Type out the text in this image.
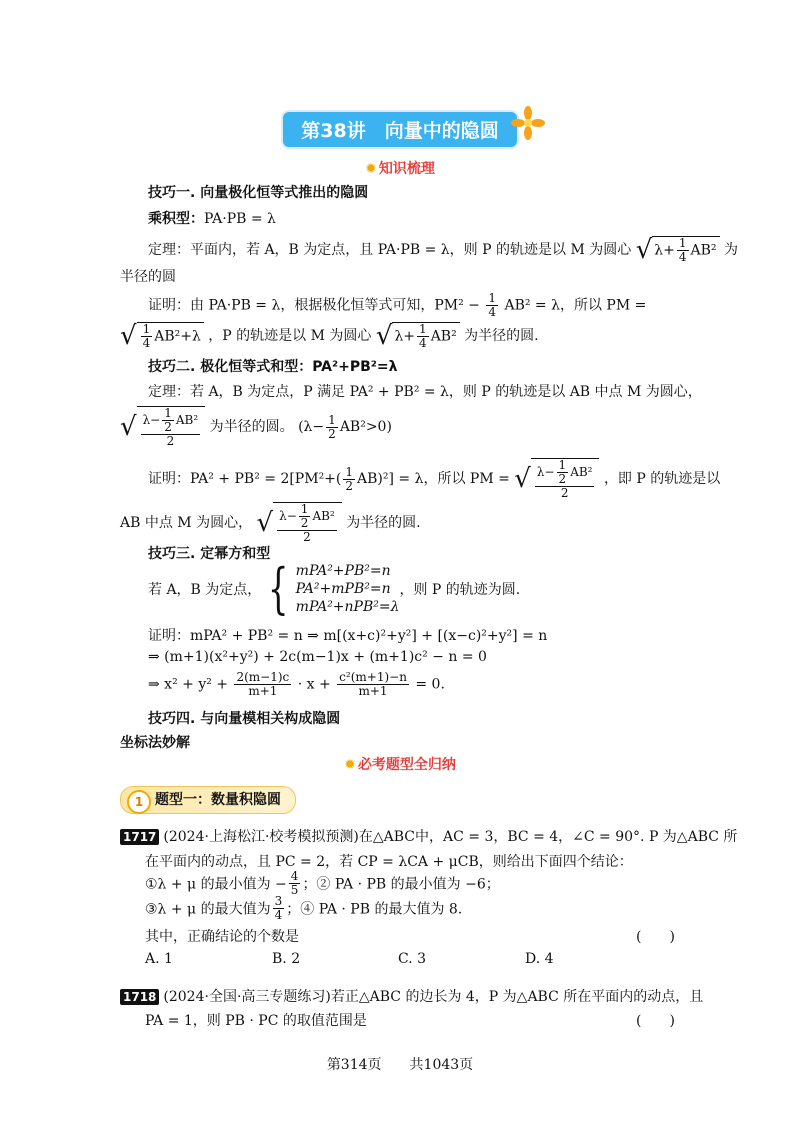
第38讲　向量中的隐圆
✹ 知识梳理
技巧一. 向量极化恒等式推出的隐圆
乘积型：PA·PB = λ
定理：平面内，若 A，B 为定点，且 PA·PB = λ，则 P 的轨迹是以 M 为圆心 √ $\lambda+ \frac{1}{4} AB^2$ 为
半径的圆
证明：由 PA·PB = λ，根据极化恒等式可知，$PM^2 - \frac{1}{4} AB^2 = \lambda$，所以 PM =
√ $\frac{1}{4} AB^2+\lambda$ ，P 的轨迹是以 M 为圆心 √ $\lambda+ \frac{1}{4} AB^2$ 为半径的圆.
技巧二. 极化恒等式和型：PA²+PB²=λ
定理：若 A，B 为定点，P 满足 PA² + PB² = λ，则 P 的轨迹是以 AB 中点 M 为圆心，
√ $\frac{\lambda- \frac{1}{2} AB^2}{2}$ 为半径的圆。 $(\lambda- \frac{1}{2} AB^2>0)$
证明：$PA^2 + PB^2 = 2[PM^2+( \frac{1}{2} AB)^2] = \lambda$，所以 PM = √ $\frac{\lambda- \frac{1}{2} AB^2}{2}$ ，即 P 的轨迹是以
AB 中点 M 为圆心， √ $\frac{\lambda- \frac{1}{2} AB^2}{2}$ 为半径的圆.
技巧三. 定幂方和型
若 A，B 为定点， { mPA²+PB²=n
PA²+mPB²=n
mPA²+nPB²=λ，则 P 的轨迹为圆.
证明：mPA² + PB² = n ⇒ m[(x+c)²+y²] + [(x−c)²+y²] = n
⇒ (m+1)(x²+y²) + 2c(m−1)x + (m+1)c² − n = 0
⇒ $x^2 + y^2 + \frac{2(m-1)c}{m+1} \cdot x + \frac{\text{c²(m+1)−n}}{m+1} = 0$.
技巧四. 与向量模相关构成隐圆
坐标法妙解
✹ 必考题型全归纳
1 题型一：数量积隐圆
1717 (2024·上海松江·校考模拟预测)在△ABC中，AC = 3，BC = 4，∠C = 90°. P 为△ABC 所
在平面内的动点，且 PC = 2，若 CP = λCA + μCB，则给出下面四个结论：
①λ + μ 的最小值为 − $\frac{4}{5}$ ；② PA · PB 的最小值为 −6；
③λ + μ 的最大值为 $\frac{3}{4}$ ；④ PA · PB 的最大值为 8.
其中，正确结论的个数是	(　　)
A. 1	B. 2	C. 3	D. 4
1718 (2024·全国·高三专题练习)若正△ABC 的边长为 4，P 为△ABC 所在平面内的动点，且
PA = 1，则 PB · PC 的取值范围是	(　　)
第314页　　共1043页
